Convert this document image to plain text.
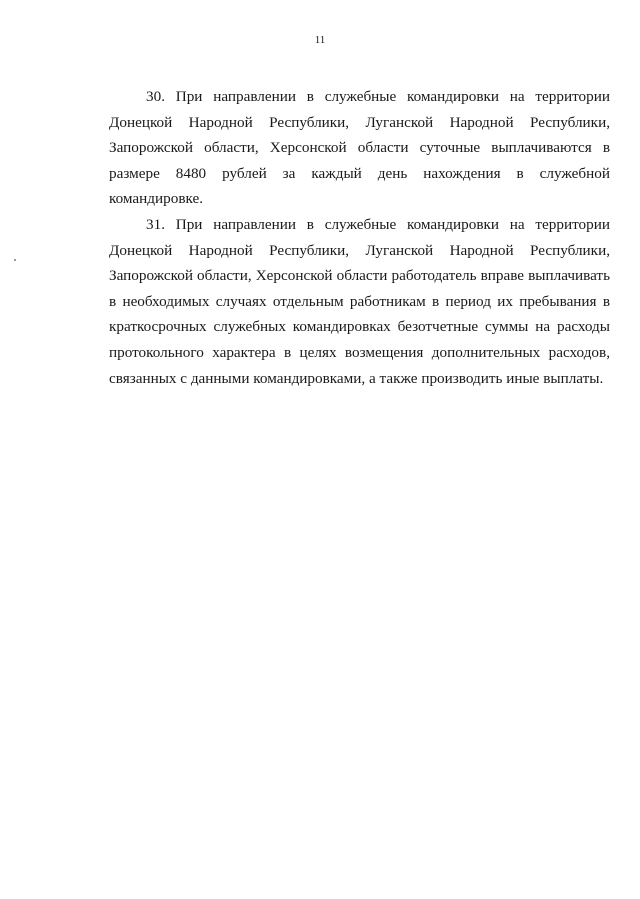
11

30. При направлении в служебные командировки на территории Донецкой Народной Республики, Луганской Народной Республики, Запорожской области, Херсонской области суточные выплачиваются в размере 8480 рублей за каждый день нахождения в служебной командировке.

31. При направлении в служебные командировки на территории Донецкой Народной Республики, Луганской Народной Республики, Запорожской области, Херсонской области работодатель вправе выплачивать в необходимых случаях отдельным работникам в период их пребывания в краткосрочных служебных командировках безотчетные суммы на расходы протокольного характера в целях возмещения дополнительных расходов, связанных с данными командировками, а также производить иные выплаты.
